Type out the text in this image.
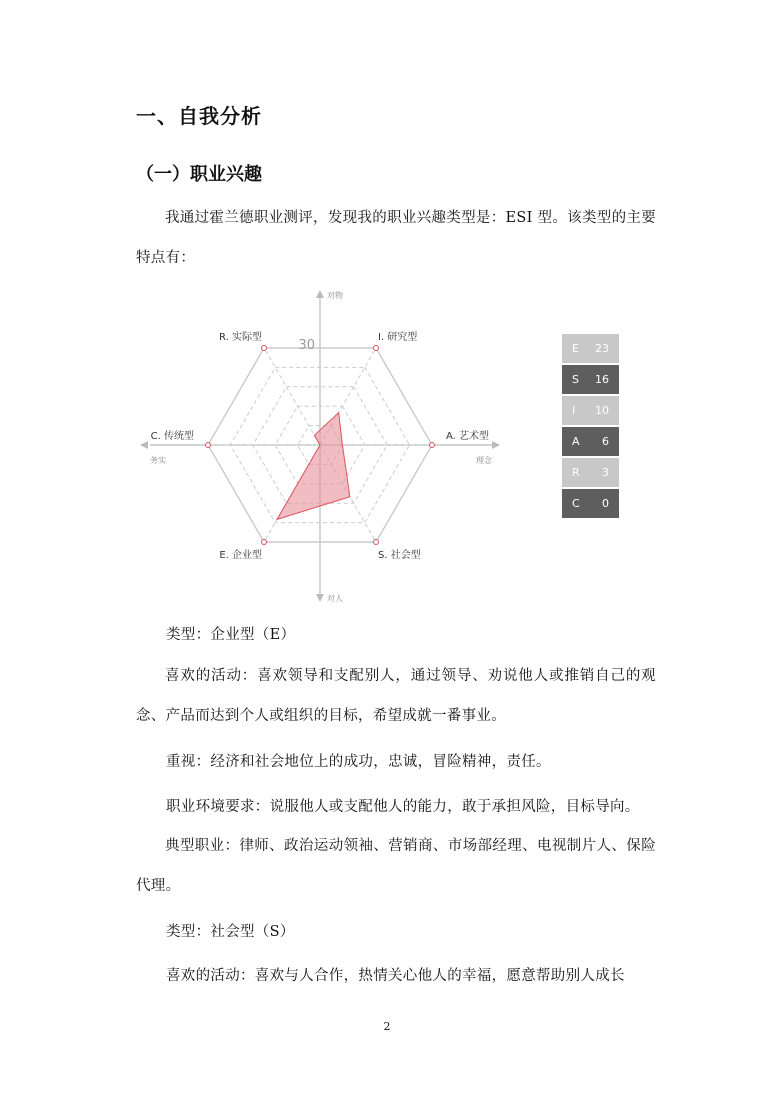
一、自我分析
（一）职业兴趣

我通过霍兰德职业测评，发现我的职业兴趣类型是：ESI 型。该类型的主要特点有：

30
I. 研究型
A. 艺术型
S. 社会型
E. 企业型
C. 传统型
R. 实际型
对物
对人
务实	理念
E 23
S 16
I 10
A 6
R 3
C 0

类型：企业型（E）

喜欢的活动：喜欢领导和支配别人，通过领导、劝说他人或推销自己的观念、产品而达到个人或组织的目标，希望成就一番事业。

重视：经济和社会地位上的成功，忠诚，冒险精神，责任。

职业环境要求：说服他人或支配他人的能力，敢于承担风险，目标导向。

典型职业：律师、政治运动领袖、营销商、市场部经理、电视制片人、保险代理。

类型：社会型（S）

喜欢的活动：喜欢与人合作，热情关心他人的幸福，愿意帮助别人成长

2
